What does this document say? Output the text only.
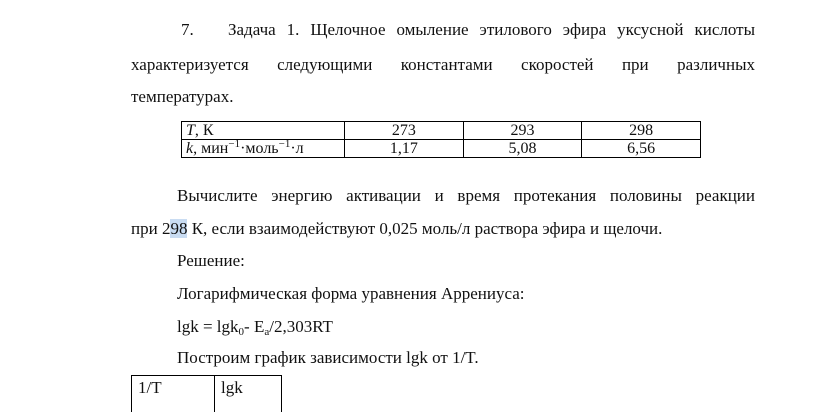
7. Задача 1. Щелочное омыление этилового эфира уксусной кислоты
характеризуется следующими константами скоростей при различных
температурах.
T, К	273	293	298
k, мин$^{-1}$·моль$^{-1}$·л	1,17	5,08	6,56
Вычислите энергию активации и время протекания половины реакции
при 298 К, если взаимодействуют 0,025 моль/л раствора эфира и щелочи.
Решение:
Логарифмическая форма уравнения Аррениуса:
lgk = lgk$_0$- $E_a/2,303RT$
Построим график зависимости lgk от 1/T.
1/T	lgk
